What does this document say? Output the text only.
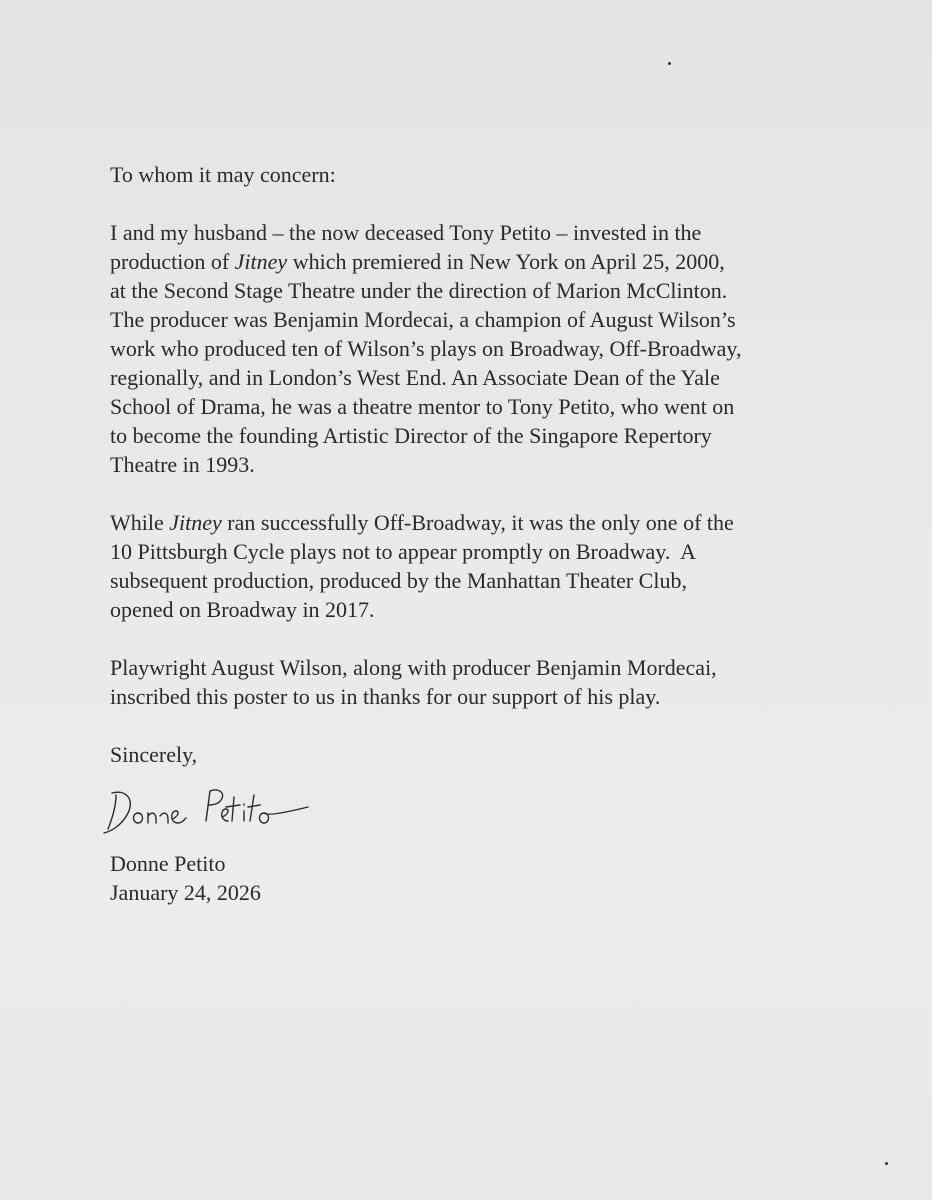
To whom it may concern:

I and my husband – the now deceased Tony Petito – invested in the
production of Jitney which premiered in New York on April 25, 2000,
at the Second Stage Theatre under the direction of Marion McClinton.
The producer was Benjamin Mordecai, a champion of August Wilson’s
work who produced ten of Wilson’s plays on Broadway, Off-Broadway,
regionally, and in London’s West End. An Associate Dean of the Yale
School of Drama, he was a theatre mentor to Tony Petito, who went on
to become the founding Artistic Director of the Singapore Repertory
Theatre in 1993.
While Jitney ran successfully Off-Broadway, it was the only one of the
10 Pittsburgh Cycle plays not to appear promptly on Broadway.  A
subsequent production, produced by the Manhattan Theater Club,
opened on Broadway in 2017.
Playwright August Wilson, along with producer Benjamin Mordecai,
inscribed this poster to us in thanks for our support of his play.

Sincerely,

Donne Petito

January 24, 2026
